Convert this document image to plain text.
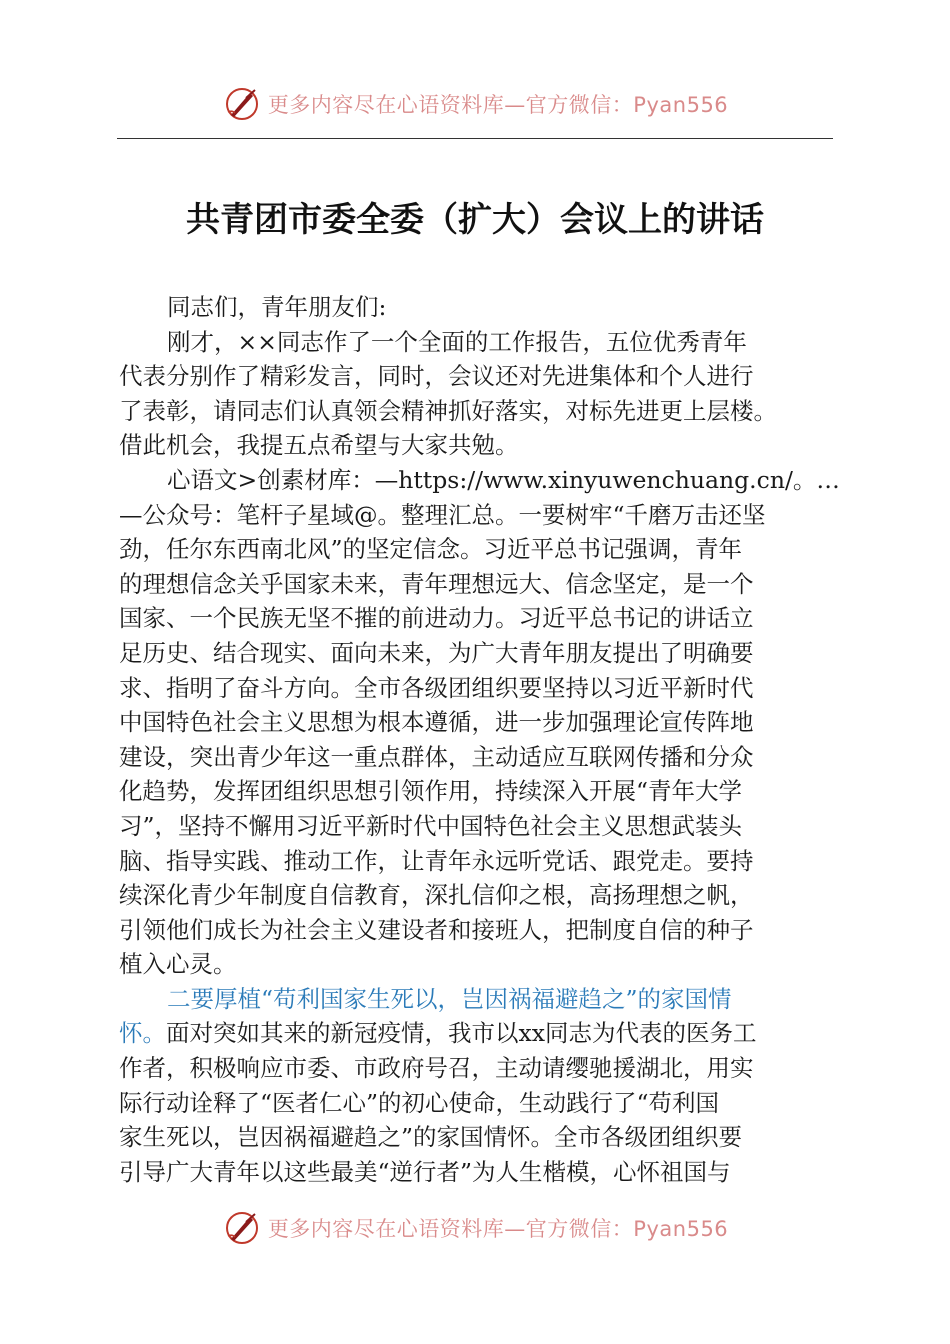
更多内容尽在心语资料库—官方微信：Pyan556
共青团市委全委（扩大）会议上的讲话
同志们，青年朋友们:
刚才，××同志作了一个全面的工作报告，五位优秀青年
代表分别作了精彩发言，同时，会议还对先进集体和个人进行
了表彰，请同志们认真领会精神抓好落实，对标先进更上层楼。
借此机会，我提五点希望与大家共勉。
心语文>创素材库：—https://www.xinyuwenchuang.cn/。…
—公众号：笔杆子星域@。整理汇总。一要树牢“千磨万击还坚
劲，任尔东西南北风”的坚定信念。习近平总书记强调，青年
的理想信念关乎国家未来，青年理想远大、信念坚定，是一个
国家、一个民族无坚不摧的前进动力。习近平总书记的讲话立
足历史、结合现实、面向未来，为广大青年朋友提出了明确要
求、指明了奋斗方向。全市各级团组织要坚持以习近平新时代
中国特色社会主义思想为根本遵循，进一步加强理论宣传阵地
建设，突出青少年这一重点群体，主动适应互联网传播和分众
化趋势，发挥团组织思想引领作用，持续深入开展“青年大学
习”，坚持不懈用习近平新时代中国特色社会主义思想武装头
脑、指导实践、推动工作，让青年永远听党话、跟党走。要持
续深化青少年制度自信教育，深扎信仰之根，高扬理想之帆，
引领他们成长为社会主义建设者和接班人，把制度自信的种子
植入心灵。
二要厚植“苟利国家生死以，岂因祸福避趋之”的家国情
怀。 面对突如其来的新冠疫情，我市以xx同志为代表的医务工
作者，积极响应市委、市政府号召，主动请缨驰援湖北，用实
际行动诠释了“医者仁心”的初心使命，生动践行了“苟利国
家生死以，岂因祸福避趋之”的家国情怀。全市各级团组织要
引导广大青年以这些最美“逆行者”为人生楷模，心怀祖国与
更多内容尽在心语资料库—官方微信：Pyan556
